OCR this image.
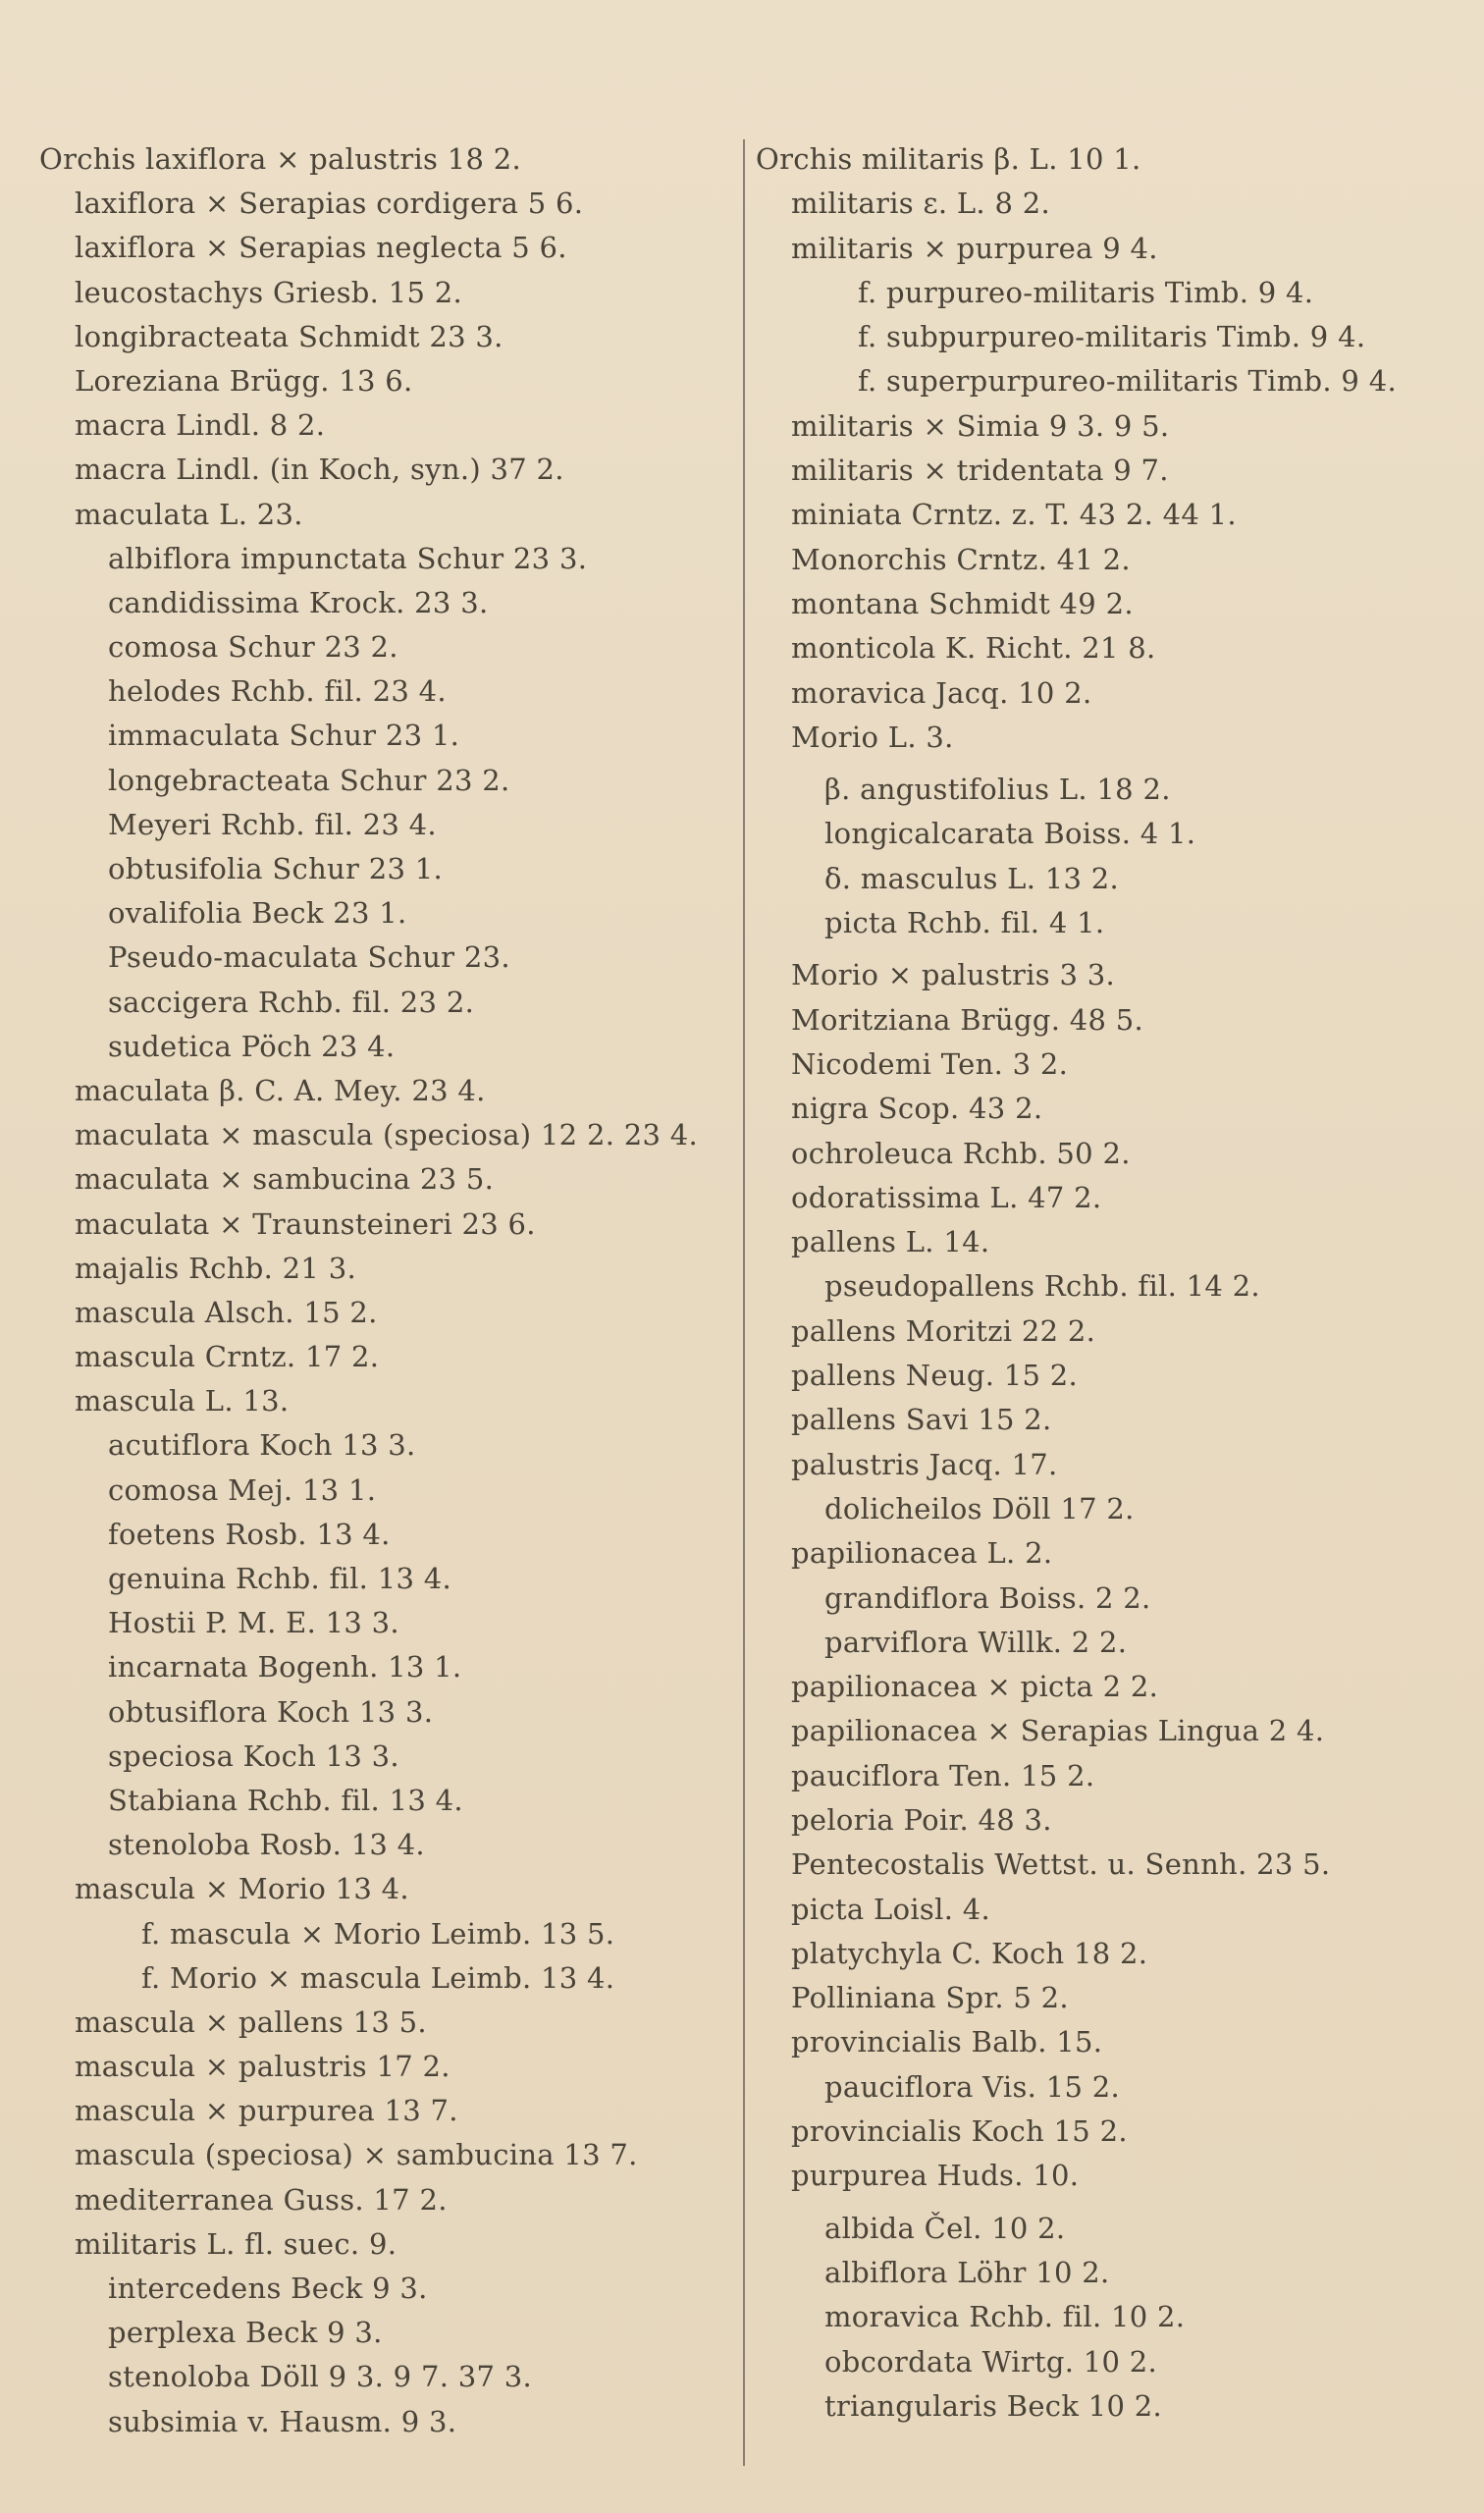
Orchis laxiflora × palustris 18 2.
laxiflora × Serapias cordigera 5 6.
laxiflora × Serapias neglecta 5 6.
leucostachys Griesb. 15 2.
longibracteata Schmidt 23 3.
Loreziana Brügg. 13 6.
macra Lindl. 8 2.
macra Lindl. (in Koch, syn.) 37 2.
maculata L. 23.
albiflora impunctata Schur 23 3.
candidissima Krock. 23 3.
comosa Schur 23 2.
helodes Rchb. fil. 23 4.
immaculata Schur 23 1.
longebracteata Schur 23 2.
Meyeri Rchb. fil. 23 4.
obtusifolia Schur 23 1.
ovalifolia Beck 23 1.
Pseudo-maculata Schur 23.
saccigera Rchb. fil. 23 2.
sudetica Pöch 23 4.
maculata β. C. A. Mey. 23 4.
maculata × mascula (speciosa) 12 2. 23 4.
maculata × sambucina 23 5.
maculata × Traunsteineri 23 6.
majalis Rchb. 21 3.
mascula Alsch. 15 2.
mascula Crntz. 17 2.
mascula L. 13.
acutiflora Koch 13 3.
comosa Mej. 13 1.
foetens Rosb. 13 4.
genuina Rchb. fil. 13 4.
Hostii P. M. E. 13 3.
incarnata Bogenh. 13 1.
obtusiflora Koch 13 3.
speciosa Koch 13 3.
Stabiana Rchb. fil. 13 4.
stenoloba Rosb. 13 4.
mascula × Morio 13 4.
f. mascula × Morio Leimb. 13 5.
f. Morio × mascula Leimb. 13 4.
mascula × pallens 13 5.
mascula × palustris 17 2.
mascula × purpurea 13 7.
mascula (speciosa) × sambucina 13 7.
mediterranea Guss. 17 2.
militaris L. fl. suec. 9.
intercedens Beck 9 3.
perplexa Beck 9 3.
stenoloba Döll 9 3. 9 7. 37 3.
subsimia v. Hausm. 9 3.
Orchis militaris β. L. 10 1.
militaris ε. L. 8 2.
militaris × purpurea 9 4.
f. purpureo-militaris Timb. 9 4.
f. subpurpureo-militaris Timb. 9 4.
f. superpurpureo-militaris Timb. 9 4.
militaris × Simia 9 3. 9 5.
militaris × tridentata 9 7.
miniata Crntz. z. T. 43 2. 44 1.
Monorchis Crntz. 41 2.
montana Schmidt 49 2.
monticola K. Richt. 21 8.
moravica Jacq. 10 2.
Morio L. 3.
β. angustifolius L. 18 2.
longicalcarata Boiss. 4 1.
δ. masculus L. 13 2.
picta Rchb. fil. 4 1.
Morio × palustris 3 3.
Moritziana Brügg. 48 5.
Nicodemi Ten. 3 2.
nigra Scop. 43 2.
ochroleuca Rchb. 50 2.
odoratissima L. 47 2.
pallens L. 14.
pseudopallens Rchb. fil. 14 2.
pallens Moritzi 22 2.
pallens Neug. 15 2.
pallens Savi 15 2.
palustris Jacq. 17.
dolicheilos Döll 17 2.
papilionacea L. 2.
grandiflora Boiss. 2 2.
parviflora Willk. 2 2.
papilionacea × picta 2 2.
papilionacea × Serapias Lingua 2 4.
pauciflora Ten. 15 2.
peloria Poir. 48 3.
Pentecostalis Wettst. u. Sennh. 23 5.
picta Loisl. 4.
platychyla C. Koch 18 2.
Polliniana Spr. 5 2.
provincialis Balb. 15.
pauciflora Vis. 15 2.
provincialis Koch 15 2.
purpurea Huds. 10.
albida Čel. 10 2.
albiflora Löhr 10 2.
moravica Rchb. fil. 10 2.
obcordata Wirtg. 10 2.
triangularis Beck 10 2.
